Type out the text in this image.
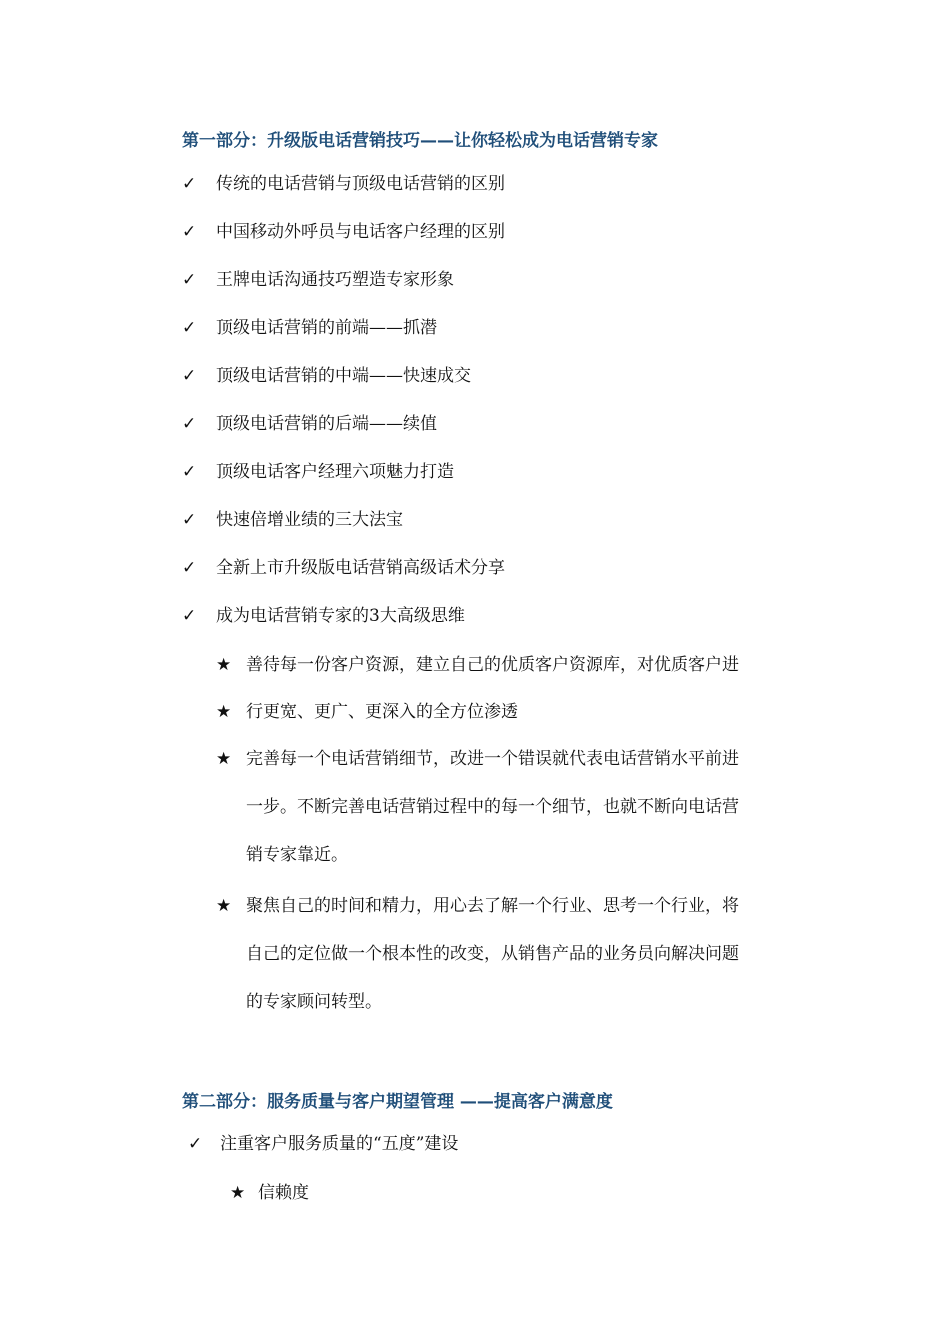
第一部分：升级版电话营销技巧——让你轻松成为电话营销专家
✓ 传统的电话营销与顶级电话营销的区别
✓ 中国移动外呼员与电话客户经理的区别
✓ 王牌电话沟通技巧塑造专家形象
✓ 顶级电话营销的前端——抓潜
✓ 顶级电话营销的中端——快速成交
✓ 顶级电话营销的后端——续值
✓ 顶级电话客户经理六项魅力打造
✓ 快速倍增业绩的三大法宝
✓ 全新上市升级版电话营销高级话术分享
✓ 成为电话营销专家的3大高级思维
★ 善待每一份客户资源，建立自己的优质客户资源库，对优质客户进
★ 行更宽、更广、更深入的全方位渗透
★ 完善每一个电话营销细节，改进一个错误就代表电话营销水平前进
一步。不断完善电话营销过程中的每一个细节，也就不断向电话营
销专家靠近。
★ 聚焦自己的时间和精力，用心去了解一个行业、思考一个行业，将
自己的定位做一个根本性的改变，从销售产品的业务员向解决问题
的专家顾问转型。
第二部分：服务质量与客户期望管理 ——提高客户满意度
✓ 注重客户服务质量的“五度”建设
★ 信赖度
